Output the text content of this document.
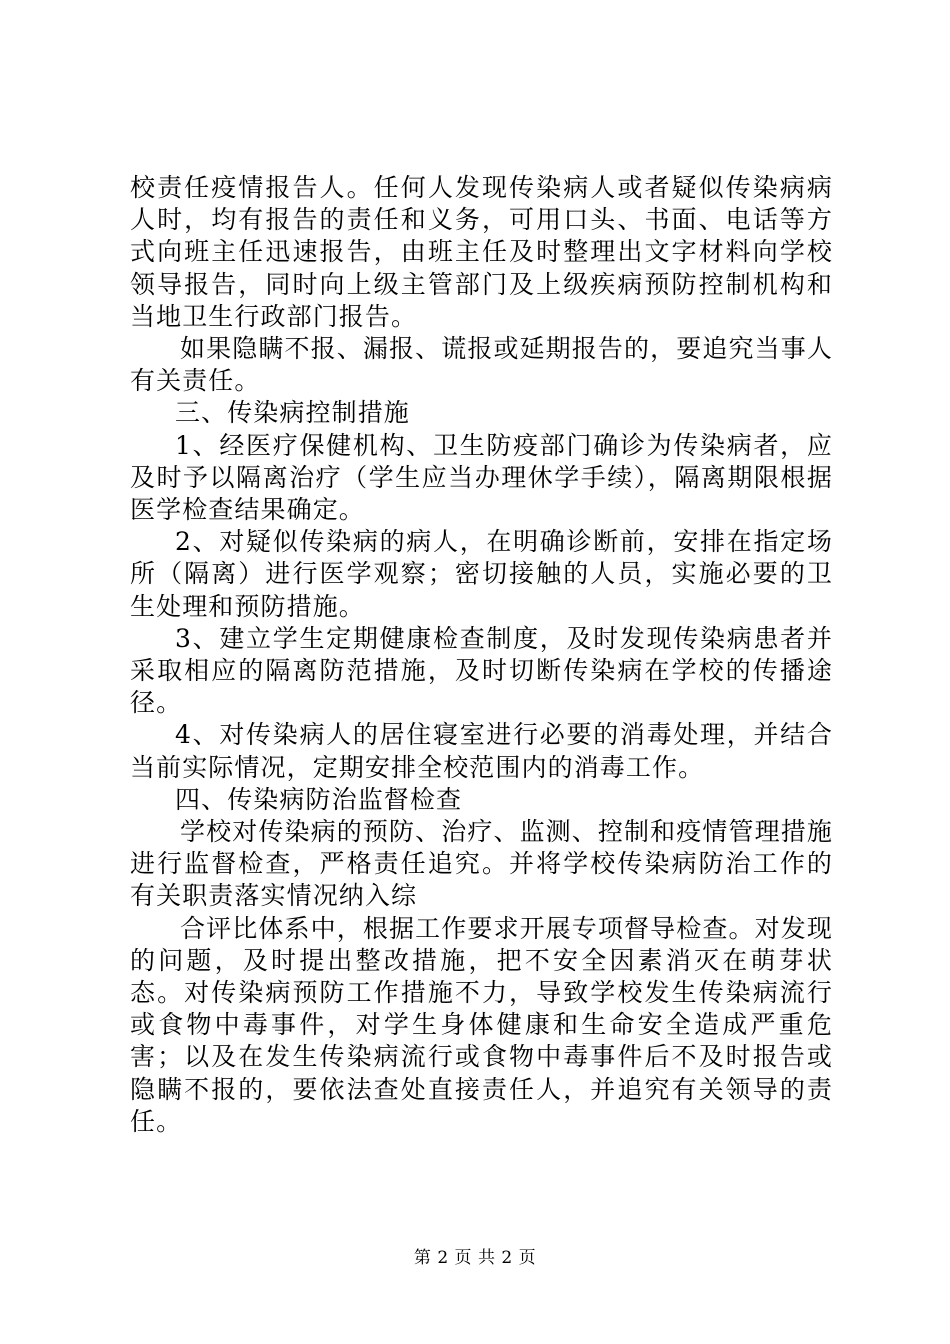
校责任疫情报告人。任何人发现传染病人或者疑似传染病病人时，均有报告的责任和义务，可用口头、书面、电话等方式向班主任迅速报告，由班主任及时整理出文字材料向学校领导报告，同时向上级主管部门及上级疾病预防控制机构和当地卫生行政部门报告。

如果隐瞒不报、漏报、谎报或延期报告的，要追究当事人有关责任。

三、传染病控制措施

1、经医疗保健机构、卫生防疫部门确诊为传染病者，应及时予以隔离治疗（学生应当办理休学手续），隔离期限根据医学检查结果确定。

2、对疑似传染病的病人，在明确诊断前，安排在指定场所（隔离）进行医学观察；密切接触的人员，实施必要的卫生处理和预防措施。

3、建立学生定期健康检查制度，及时发现传染病患者并采取相应的隔离防范措施，及时切断传染病在学校的传播途径。

4、对传染病人的居住寝室进行必要的消毒处理，并结合当前实际情况，定期安排全校范围内的消毒工作。

四、传染病防治监督检查

学校对传染病的预防、治疗、监测、控制和疫情管理措施进行监督检查，严格责任追究。并将学校传染病防治工作的有关职责落实情况纳入综

合评比体系中，根据工作要求开展专项督导检查。对发现的问题，及时提出整改措施，把不安全因素消灭在萌芽状态。对传染病预防工作措施不力，导致学校发生传染病流行或食物中毒事件，对学生身体健康和生命安全造成严重危害；以及在发生传染病流行或食物中毒事件后不及时报告或隐瞒不报的，要依法查处直接责任人，并追究有关领导的责任。

第 2 页 共 2 页
